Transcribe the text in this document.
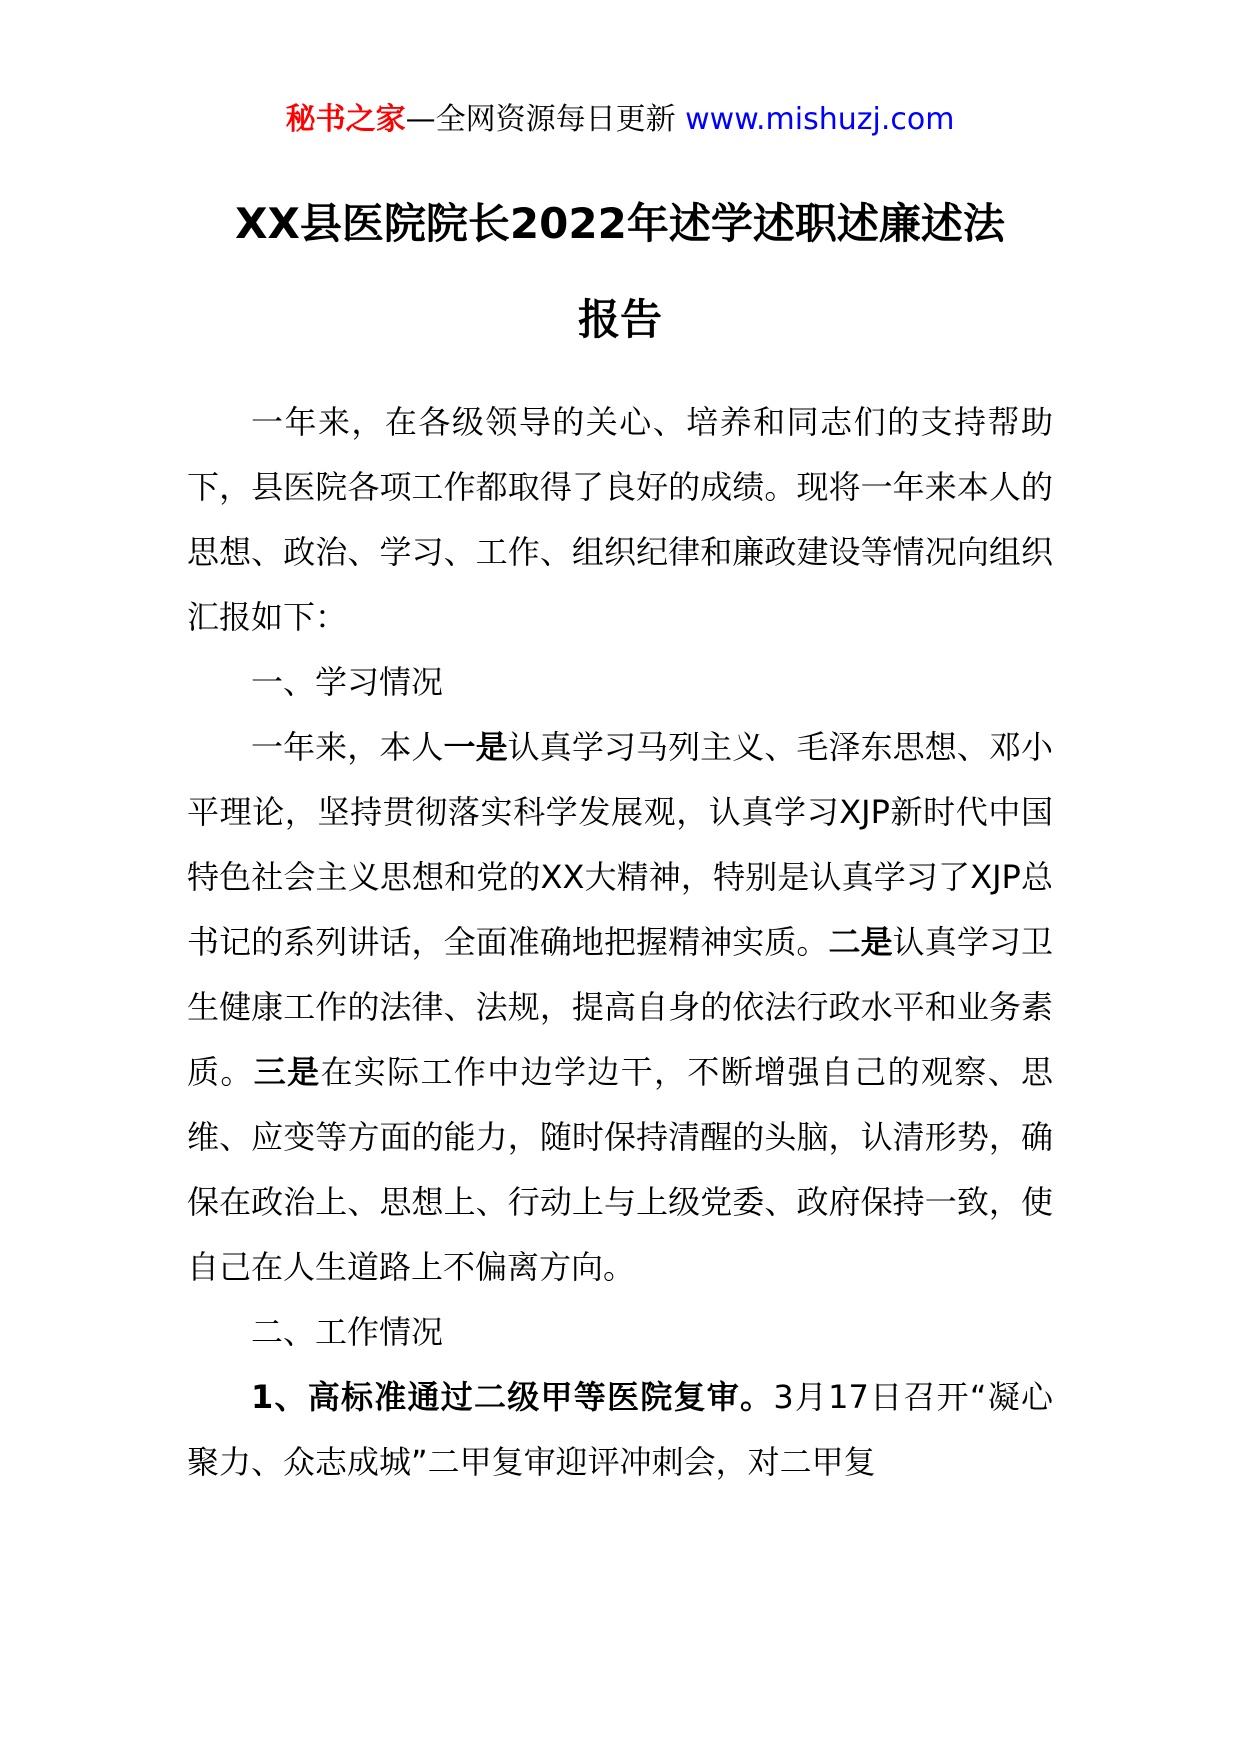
秘书之家—全网资源每日更新 www.mishuzj.com
XX县医院院长2022年述学述职述廉述法
报告

一年来，在各级领导的关心、培养和同志们的支持帮助下，县医院各项工作都取得了良好的成绩。现将一年来本人的思想、政治、学习、工作、组织纪律和廉政建设等情况向组织汇报如下：

一、学习情况

一年来，本人一是认真学习马列主义、毛泽东思想、邓小平理论，坚持贯彻落实科学发展观，认真学习XJP新时代中国特色社会主义思想和党的XX大精神，特别是认真学习了XJP总书记的系列讲话，全面准确地把握精神实质。二是认真学习卫生健康工作的法律、法规，提高自身的依法行政水平和业务素质。三是在实际工作中边学边干，不断增强自己的观察、思维、应变等方面的能力，随时保持清醒的头脑，认清形势，确保在政治上、思想上、行动上与上级党委、政府保持一致，使自己在人生道路上不偏离方向。

二、工作情况

1、高标准通过二级甲等医院复审。3月17日召开“凝心聚力、众志成城”二甲复审迎评冲刺会，对二甲复
